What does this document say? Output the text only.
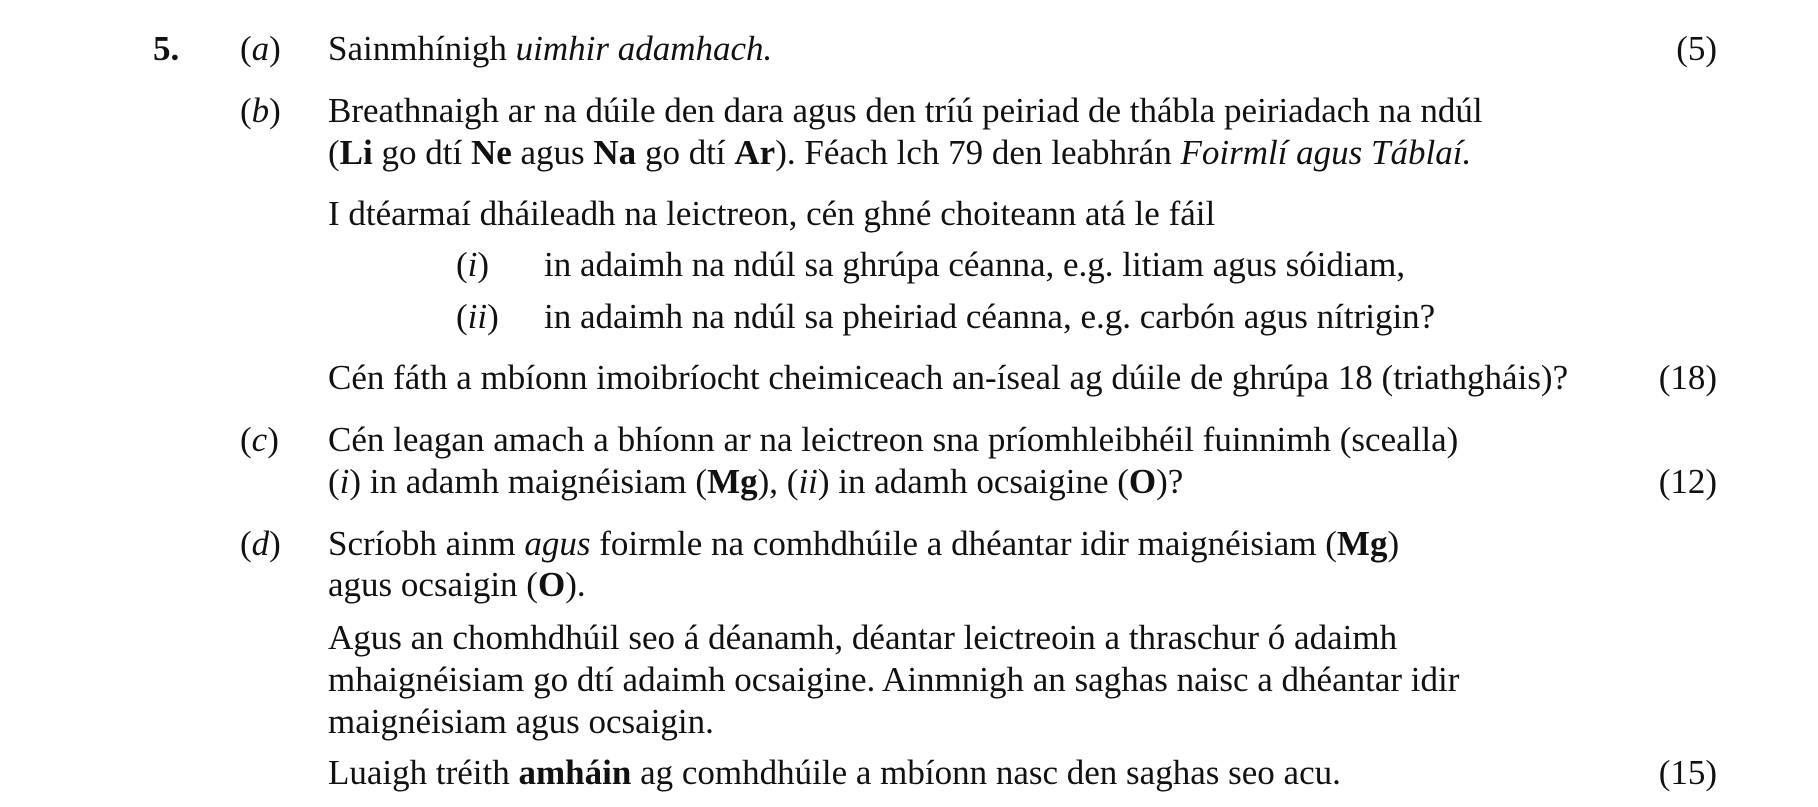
5. (a) Sainmhínigh uimhir adamhach.	(5)
(b) Breathnaigh ar na dúile den dara agus den tríú peiriad de thábla peiriadach na ndúl
(Li go dtí Ne agus Na go dtí Ar). Féach lch 79 den leabhrán Foirmlí agus Táblaí.
I dtéarmaí dháileadh na leictreon, cén ghné choiteann atá le fáil
(i) in adaimh na ndúl sa ghrúpa céanna, e.g. litiam agus sóidiam,
(ii) in adaimh na ndúl sa pheiriad céanna, e.g. carbón agus nítrigin?
Cén fáth a mbíonn imoibríocht cheimiceach an-íseal ag dúile de ghrúpa 18 (triathgháis)?	(18)
(c) Cén leagan amach a bhíonn ar na leictreon sna príomhleibhéil fuinnimh (scealla)
(i) in adamh maignéisiam (Mg), (ii) in adamh ocsaigine (O)?	(12)
(d) Scríobh ainm agus foirmle na comhdhúile a dhéantar idir maignéisiam (Mg)
agus ocsaigin (O).
Agus an chomhdhúil seo á déanamh, déantar leictreoin a thraschur ó adaimh
mhaignéisiam go dtí adaimh ocsaigine. Ainmnigh an saghas naisc a dhéantar idir
maignéisiam agus ocsaigin.
Luaigh tréith amháin ag comhdhúile a mbíonn nasc den saghas seo acu.	(15)
